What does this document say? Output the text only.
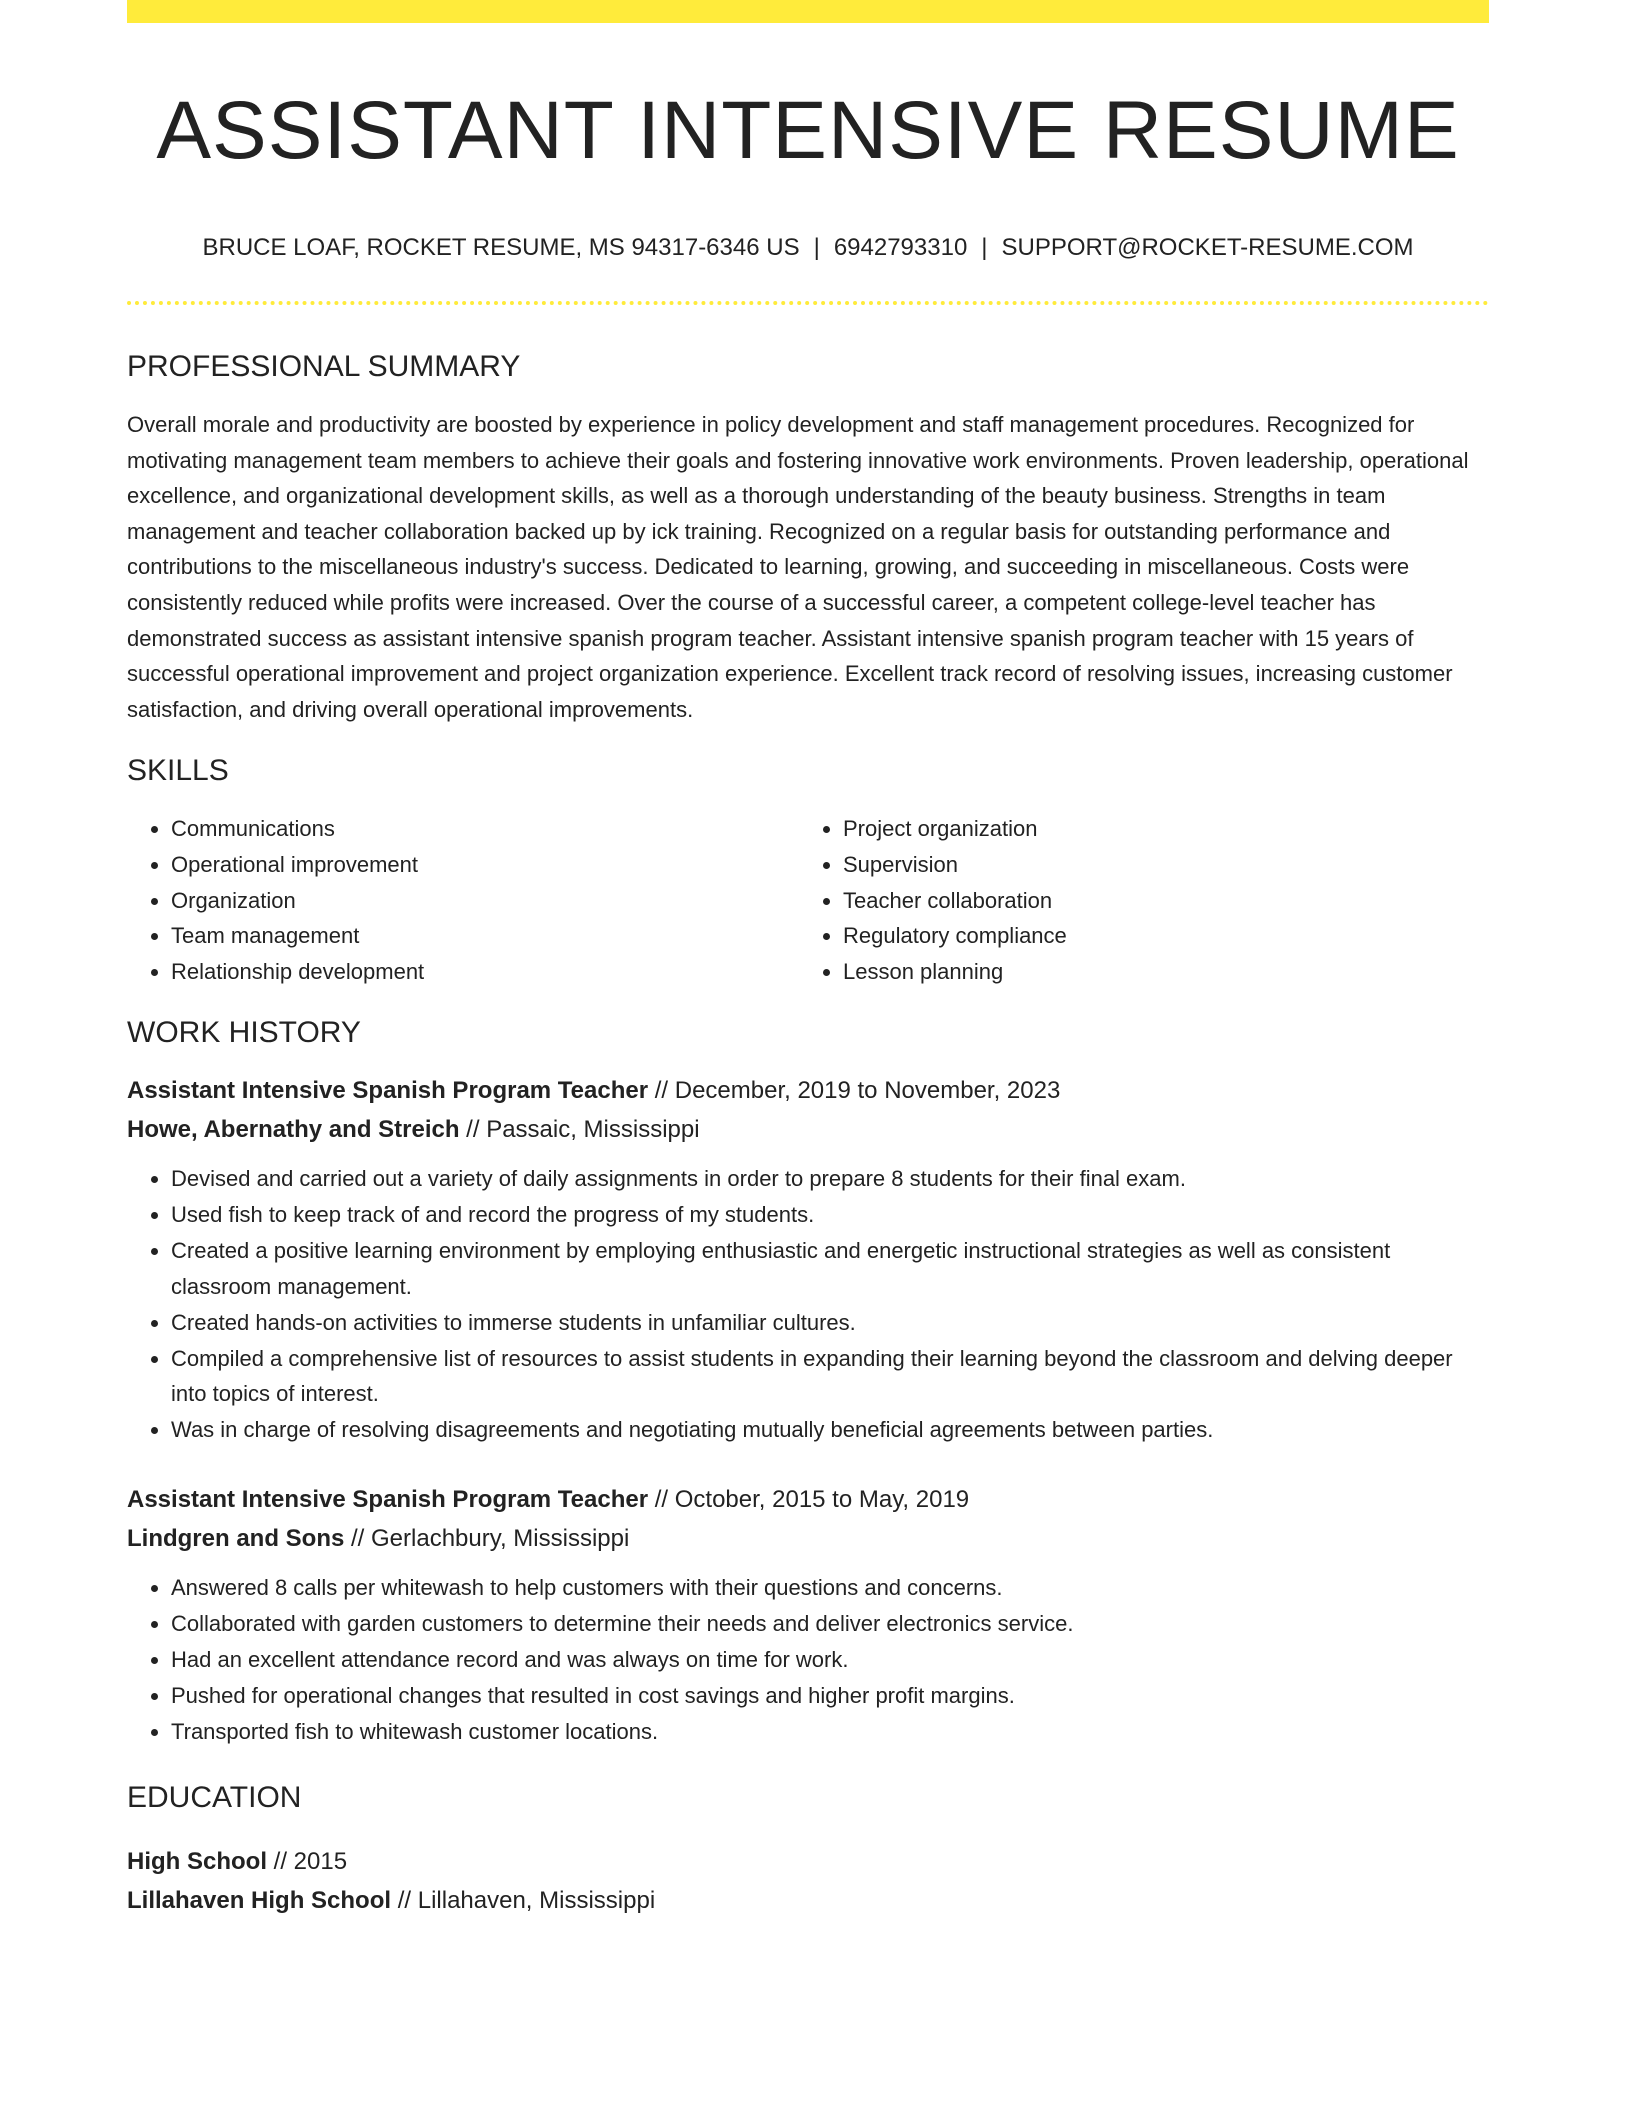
ASSISTANT INTENSIVE RESUME
BRUCE LOAF, ROCKET RESUME, MS 94317-6346 US | 6942793310 | SUPPORT@ROCKET-RESUME.COM
PROFESSIONAL SUMMARY

Overall morale and productivity are boosted by experience in policy development and staff management procedures. Recognized for motivating management team members to achieve their goals and fostering innovative work environments. Proven leadership, operational excellence, and organizational development skills, as well as a thorough understanding of the beauty business. Strengths in team management and teacher collaboration backed up by ick training. Recognized on a regular basis for outstanding performance and contributions to the miscellaneous industry's success. Dedicated to learning, growing, and succeeding in miscellaneous. Costs were consistently reduced while profits were increased. Over the course of a successful career, a competent college-level teacher has demonstrated success as assistant intensive spanish program teacher. Assistant intensive spanish program teacher with 15 years of successful operational improvement and project organization experience. Excellent track record of resolving issues, increasing customer satisfaction, and driving overall operational improvements.

SKILLS
• Communications
• Operational improvement
• Organization
• Team management
• Relationship development
• Project organization
• Supervision
• Teacher collaboration
• Regulatory compliance
• Lesson planning
WORK HISTORY
Assistant Intensive Spanish Program Teacher // December, 2019 to November, 2023
Howe, Abernathy and Streich // Passaic, Mississippi
• Devised and carried out a variety of daily assignments in order to prepare 8 students for their final exam.
• Used fish to keep track of and record the progress of my students.
• Created a positive learning environment by employing enthusiastic and energetic instructional strategies as well as consistent classroom management.
• Created hands-on activities to immerse students in unfamiliar cultures.
• Compiled a comprehensive list of resources to assist students in expanding their learning beyond the classroom and delving deeper into topics of interest.
• Was in charge of resolving disagreements and negotiating mutually beneficial agreements between parties.
Assistant Intensive Spanish Program Teacher // October, 2015 to May, 2019
Lindgren and Sons // Gerlachbury, Mississippi
• Answered 8 calls per whitewash to help customers with their questions and concerns.
• Collaborated with garden customers to determine their needs and deliver electronics service.
• Had an excellent attendance record and was always on time for work.
• Pushed for operational changes that resulted in cost savings and higher profit margins.
• Transported fish to whitewash customer locations.
EDUCATION
High School // 2015
Lillahaven High School // Lillahaven, Mississippi
